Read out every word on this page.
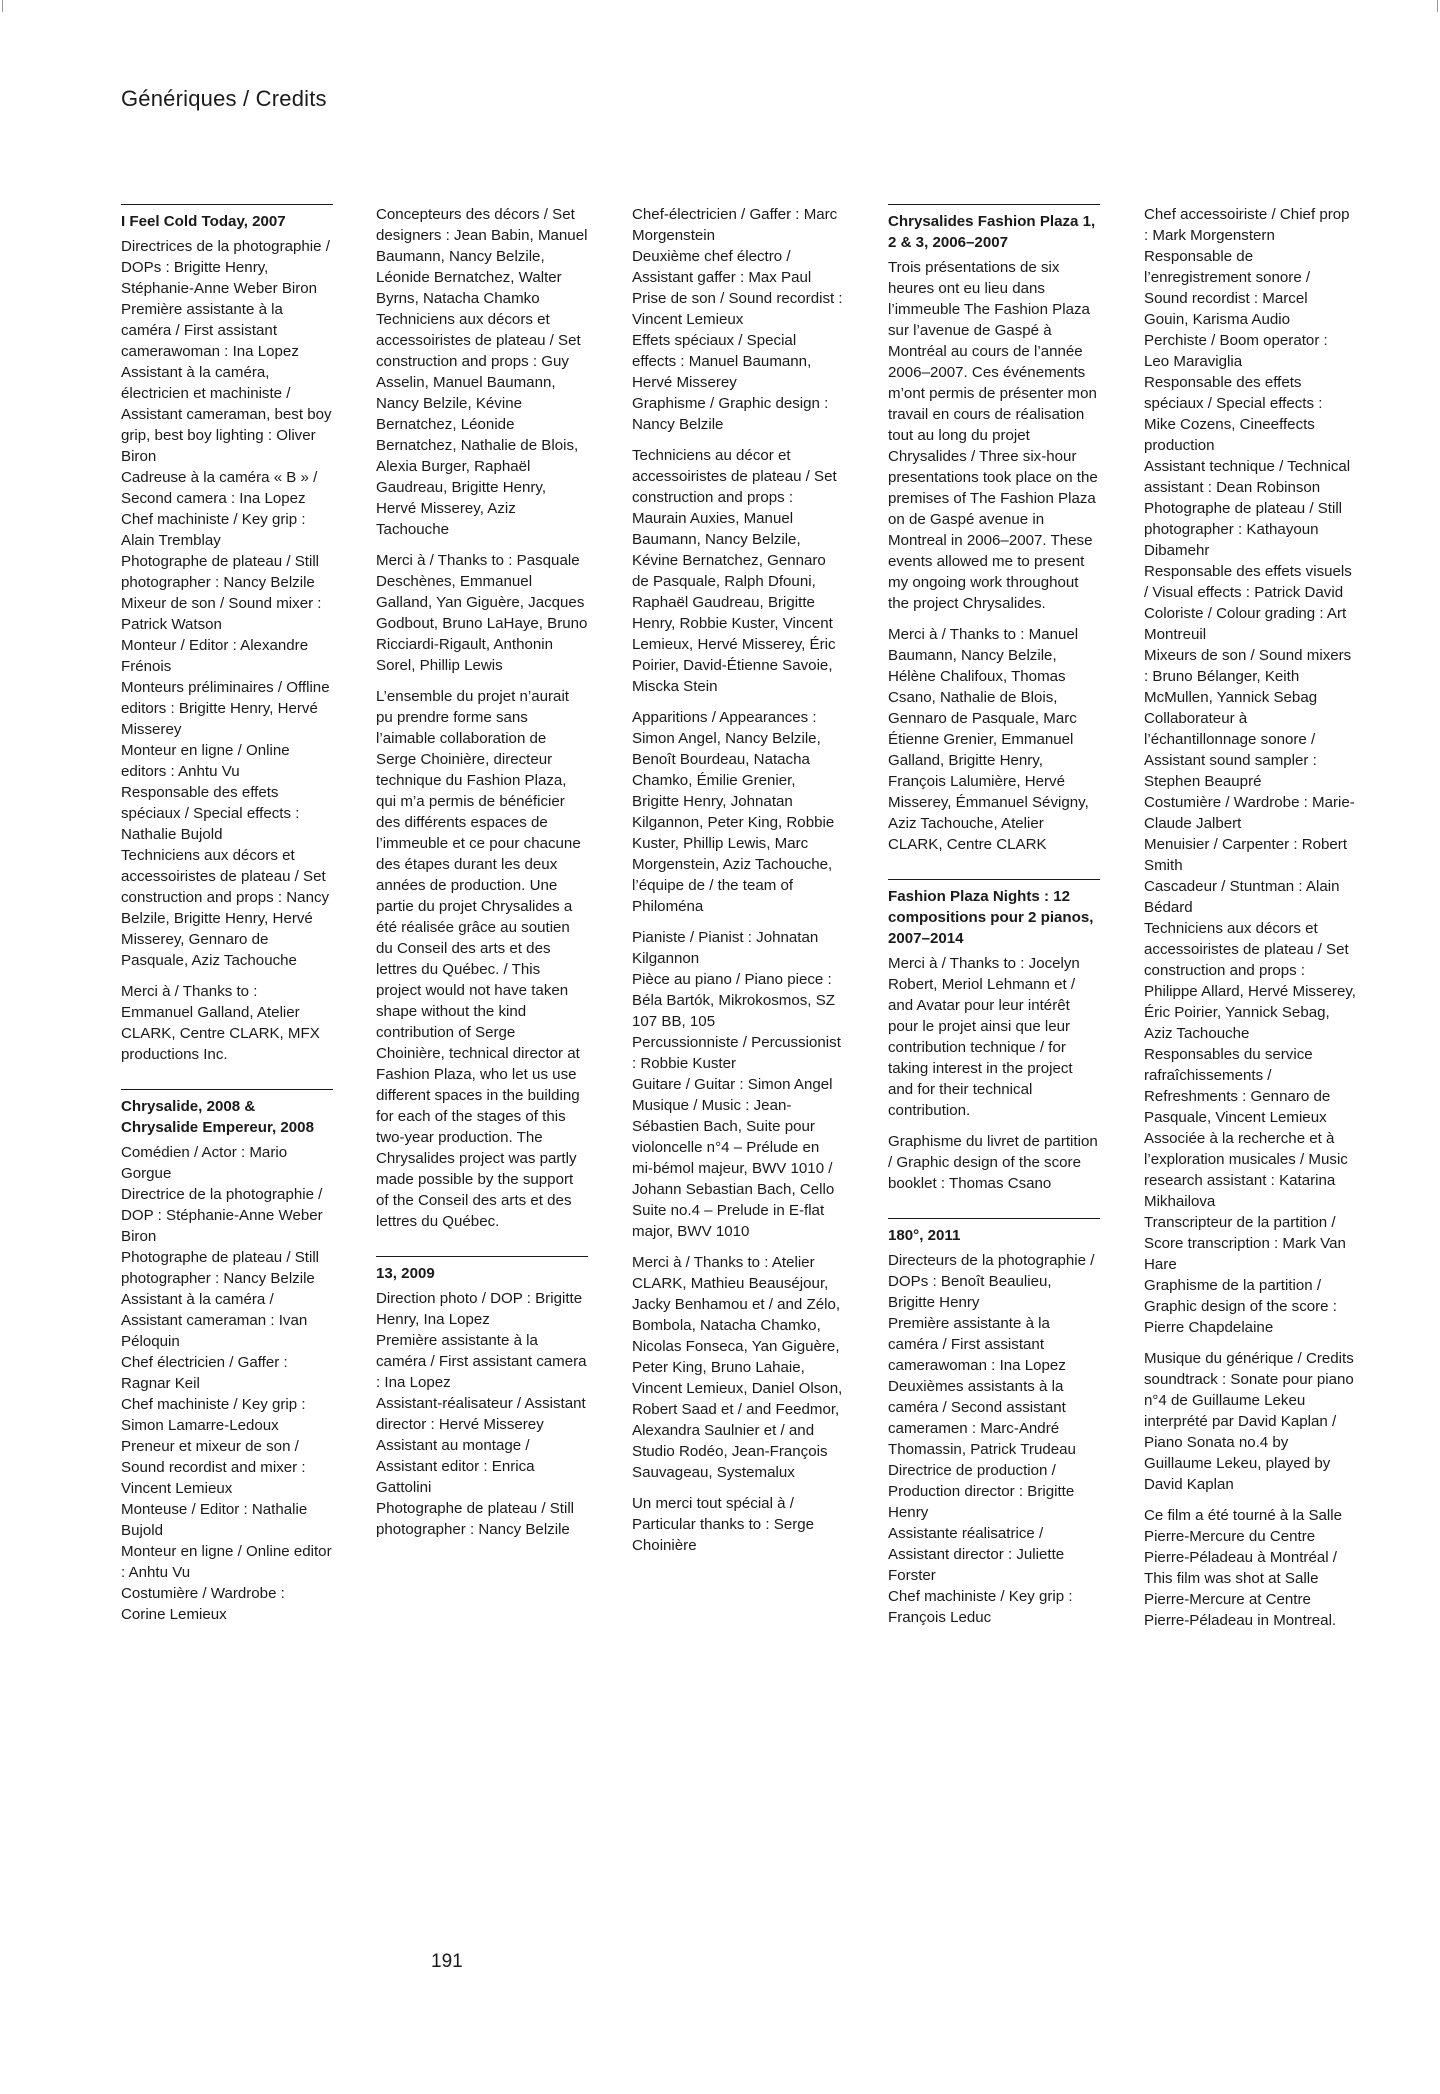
Génériques / Credits
I Feel Cold Today, 2007
Directrices de la photographie / DOPs : Brigitte Henry, Stéphanie-Anne Weber Biron
Première assistante à la caméra / First assistant camerawoman : Ina Lopez
Assistant à la caméra, électricien et machiniste / Assistant cameraman, best boy grip, best boy lighting : Oliver Biron
Cadreuse à la caméra « B » / Second camera : Ina Lopez
Chef machiniste / Key grip : Alain Tremblay
Photographe de plateau / Still photographer : Nancy Belzile
Mixeur de son / Sound mixer : Patrick Watson
Monteur / Editor : Alexandre Frénois
Monteurs préliminaires / Offline editors : Brigitte Henry, Hervé Misserey
Monteur en ligne / Online editors : Anhtu Vu
Responsable des effets spéciaux / Special effects : Nathalie Bujold
Techniciens aux décors et accessoiristes de plateau / Set construction and props : Nancy Belzile, Brigitte Henry, Hervé Misserey, Gennaro de Pasquale, Aziz Tachouche
Merci à / Thanks to : Emmanuel Galland, Atelier CLARK, Centre CLARK, MFX productions Inc.
Chrysalide, 2008 & Chrysalide Empereur, 2008
Comédien / Actor : Mario Gorgue
Directrice de la photographie / DOP : Stéphanie-Anne Weber Biron
Photographe de plateau / Still photographer : Nancy Belzile
Assistant à la caméra / Assistant cameraman : Ivan Péloquin
Chef électricien / Gaffer : Ragnar Keil
Chef machiniste / Key grip : Simon Lamarre-Ledoux
Preneur et mixeur de son / Sound recordist and mixer : Vincent Lemieux
Monteuse / Editor : Nathalie Bujold
Monteur en ligne / Online editor : Anhtu Vu
Costumière / Wardrobe : Corine Lemieux
Concepteurs des décors / Set designers : Jean Babin, Manuel Baumann, Nancy Belzile, Léonide Bernatchez, Walter Byrns, Natacha Chamko
Techniciens aux décors et accessoiristes de plateau / Set construction and props : Guy Asselin, Manuel Baumann, Nancy Belzile, Kévine Bernatchez, Léonide Bernatchez, Nathalie de Blois, Alexia Burger, Raphaël Gaudreau, Brigitte Henry, Hervé Misserey, Aziz Tachouche
Merci à / Thanks to : Pasquale Deschènes, Emmanuel Galland, Yan Giguère, Jacques Godbout, Bruno LaHaye, Bruno Ricciardi-Rigault, Anthonin Sorel, Phillip Lewis
L’ensemble du projet n’aurait pu prendre forme sans l’aimable collaboration de Serge Choinière, directeur technique du Fashion Plaza, qui m’a permis de bénéficier des différents espaces de l’immeuble et ce pour chacune des étapes durant les deux années de production. Une partie du projet Chrysalides a été réalisée grâce au soutien du Conseil des arts et des lettres du Québec. / This project would not have taken shape without the kind contribution of Serge Choinière, technical director at Fashion Plaza, who let us use different spaces in the building for each of the stages of this two-year production. The Chrysalides project was partly made possible by the support of the Conseil des arts et des lettres du Québec.
13, 2009
Direction photo / DOP : Brigitte Henry, Ina Lopez
Première assistante à la caméra / First assistant camera : Ina Lopez
Assistant-réalisateur / Assistant director : Hervé Misserey
Assistant au montage / Assistant editor : Enrica Gattolini
Photographe de plateau / Still photographer : Nancy Belzile
Chef-électricien / Gaffer : Marc Morgenstein
Deuxième chef électro / Assistant gaffer : Max Paul
Prise de son / Sound recordist : Vincent Lemieux
Effets spéciaux / Special effects : Manuel Baumann, Hervé Misserey
Graphisme / Graphic design : Nancy Belzile
Techniciens au décor et accessoiristes de plateau / Set construction and props : Maurain Auxies, Manuel Baumann, Nancy Belzile, Kévine Bernatchez, Gennaro de Pasquale, Ralph Dfouni, Raphaël Gaudreau, Brigitte Henry, Robbie Kuster, Vincent Lemieux, Hervé Misserey, Éric Poirier, David-Étienne Savoie, Miscka Stein
Apparitions / Appearances : Simon Angel, Nancy Belzile, Benoît Bourdeau, Natacha Chamko, Émilie Grenier, Brigitte Henry, Johnatan Kilgannon, Peter King, Robbie Kuster, Phillip Lewis, Marc Morgenstein, Aziz Tachouche, l’équipe de / the team of Philoména
Pianiste / Pianist : Johnatan Kilgannon
Pièce au piano / Piano piece : Béla Bartók, Mikrokosmos, SZ 107 BB, 105
Percussionniste / Percussionist : Robbie Kuster
Guitare / Guitar : Simon Angel
Musique / Music : Jean-Sébastien Bach, Suite pour violoncelle n°4 – Prélude en mi-bémol majeur, BWV 1010 / Johann Sebastian Bach, Cello Suite no.4 – Prelude in E-flat major, BWV 1010
Merci à / Thanks to : Atelier CLARK, Mathieu Beauséjour, Jacky Benhamou et / and Zélo, Bombola, Natacha Chamko, Nicolas Fonseca, Yan Giguère, Peter King, Bruno Lahaie, Vincent Lemieux, Daniel Olson, Robert Saad et / and Feedmor, Alexandra Saulnier et / and Studio Rodéo, Jean-François Sauvageau, Systemalux
Un merci tout spécial à / Particular thanks to : Serge Choinière
Chrysalides Fashion Plaza 1, 2 & 3, 2006–2007
Trois présentations de six heures ont eu lieu dans l’immeuble The Fashion Plaza sur l’avenue de Gaspé à Montréal au cours de l’année 2006–2007. Ces événements m’ont permis de présenter mon travail en cours de réalisation tout au long du projet Chrysalides / Three six-hour presentations took place on the premises of The Fashion Plaza on de Gaspé avenue in Montreal in 2006–2007. These events allowed me to present my ongoing work throughout the project Chrysalides.
Merci à / Thanks to : Manuel Baumann, Nancy Belzile, Hélène Chalifoux, Thomas Csano, Nathalie de Blois, Gennaro de Pasquale, Marc Étienne Grenier, Emmanuel Galland, Brigitte Henry, François Lalumière, Hervé Misserey, Émmanuel Sévigny, Aziz Tachouche, Atelier CLARK, Centre CLARK
Fashion Plaza Nights : 12 compositions pour 2 pianos, 2007–2014
Merci à / Thanks to : Jocelyn Robert, Meriol Lehmann et / and Avatar pour leur intérêt pour le projet ainsi que leur contribution technique / for taking interest in the project and for their technical contribution.
Graphisme du livret de partition / Graphic design of the score booklet : Thomas Csano
180°, 2011
Directeurs de la photographie / DOPs : Benoît Beaulieu, Brigitte Henry
Première assistante à la caméra / First assistant camerawoman : Ina Lopez
Deuxièmes assistants à la caméra / Second assistant cameramen : Marc-André Thomassin, Patrick Trudeau
Directrice de production / Production director : Brigitte Henry
Assistante réalisatrice / Assistant director : Juliette Forster
Chef machiniste / Key grip : François Leduc
Chef accessoiriste / Chief prop : Mark Morgenstern
Responsable de l’enregistrement sonore / Sound recordist : Marcel Gouin, Karisma Audio
Perchiste / Boom operator : Leo Maraviglia
Responsable des effets spéciaux / Special effects : Mike Cozens, Cineeffects production
Assistant technique / Technical assistant : Dean Robinson
Photographe de plateau / Still photographer : Kathayoun Dibamehr
Responsable des effets visuels / Visual effects : Patrick David
Coloriste / Colour grading : Art Montreuil
Mixeurs de son / Sound mixers : Bruno Bélanger, Keith McMullen, Yannick Sebag
Collaborateur à l’échantillonnage sonore / Assistant sound sampler : Stephen Beaupré
Costumière / Wardrobe : Marie-Claude Jalbert
Menuisier / Carpenter : Robert Smith
Cascadeur / Stuntman : Alain Bédard
Techniciens aux décors et accessoiristes de plateau / Set construction and props : Philippe Allard, Hervé Misserey, Éric Poirier, Yannick Sebag, Aziz Tachouche
Responsables du service rafraîchissements / Refreshments : Gennaro de Pasquale, Vincent Lemieux
Associée à la recherche et à l’exploration musicales / Music research assistant : Katarina Mikhailova
Transcripteur de la partition / Score transcription : Mark Van Hare
Graphisme de la partition / Graphic design of the score : Pierre Chapdelaine
Musique du générique / Credits soundtrack : Sonate pour piano n°4 de Guillaume Lekeu interprété par David Kaplan / Piano Sonata no.4 by Guillaume Lekeu, played by David Kaplan
Ce film a été tourné à la Salle Pierre-Mercure du Centre Pierre-Péladeau à Montréal / This film was shot at Salle Pierre-Mercure at Centre Pierre-Péladeau in Montreal.
191
